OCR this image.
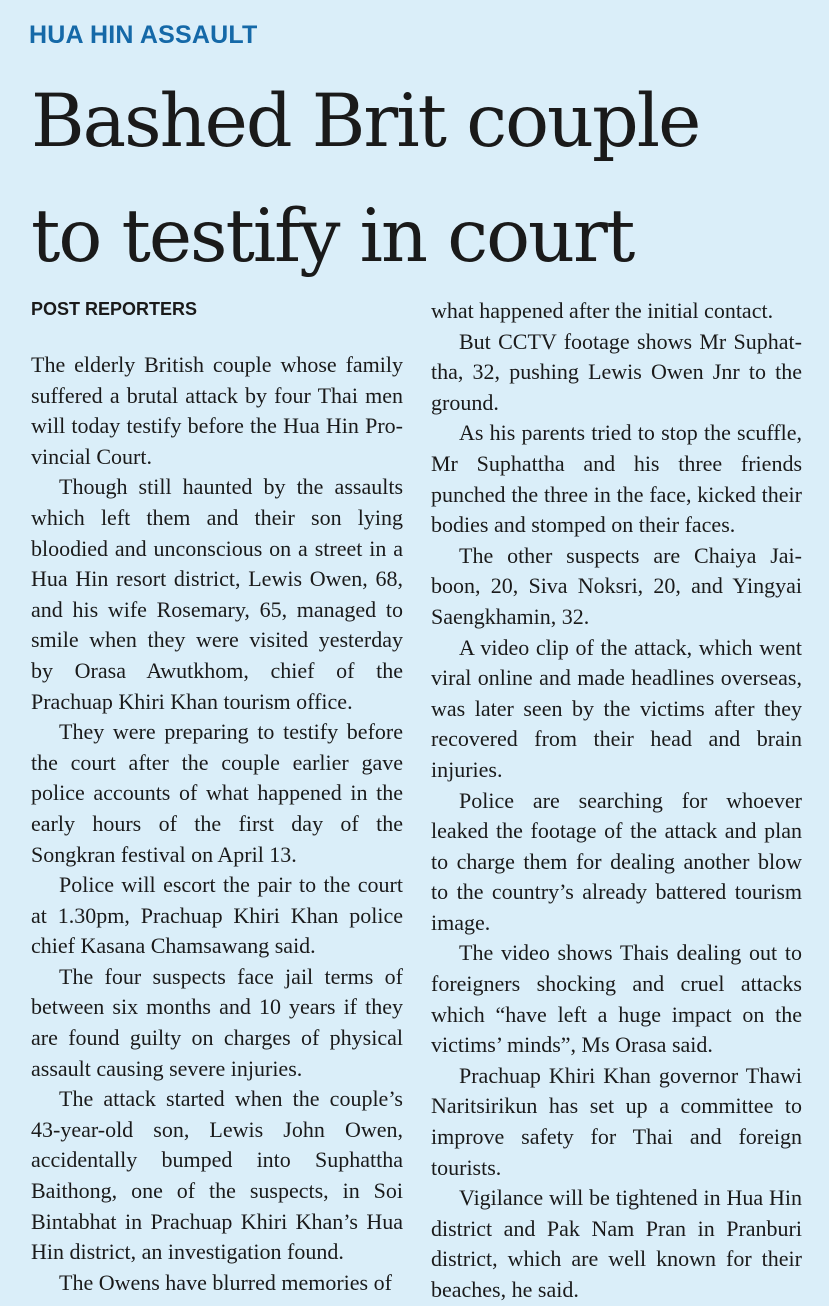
HUA HIN ASSAULT
Bashed Brit couple
to testify in court
POST REPORTERS

The elderly British couple whose family suffered a brutal attack by four Thai men will today testify before the Hua Hin Provincial Court.

Though still haunted by the assaults which left them and their son lying bloodied and unconscious on a street in a Hua Hin resort district, Lewis Owen, 68, and his wife Rosemary, 65, managed to smile when they were visited yesterday by Orasa Awutkhom, chief of the Prachuap Khiri Khan tourism office.

They were preparing to testify before the court after the couple earlier gave police accounts of what happened in the early hours of the first day of the Songkran festival on April 13.

Police will escort the pair to the court at 1.30pm, Prachuap Khiri Khan police chief Kasana Chamsawang said.

The four suspects face jail terms of between six months and 10 years if they are found guilty on charges of physical assault causing severe injuries.

The attack started when the couple’s 43-year-old son, Lewis John Owen, accidentally bumped into Suphattha Baithong, one of the suspects, in Soi Bintabhat in Prachuap Khiri Khan’s Hua Hin district, an investigation found.

The Owens have blurred memories of

what happened after the initial contact.

But CCTV footage shows Mr Suphattha, 32, pushing Lewis Owen Jnr to the ground.

As his parents tried to stop the scuffle, Mr Suphattha and his three friends punched the three in the face, kicked their bodies and stomped on their faces.

The other suspects are Chaiya Jaiboon, 20, Siva Noksri, 20, and Yingyai Saengkhamin, 32.

A video clip of the attack, which went viral online and made headlines overseas, was later seen by the victims after they recovered from their head and brain injuries.

Police are searching for whoever leaked the footage of the attack and plan to charge them for dealing another blow to the country’s already battered tourism image.

The video shows Thais dealing out to foreigners shocking and cruel attacks which “have left a huge impact on the victims’ minds”, Ms Orasa said.

Prachuap Khiri Khan governor Thawi Naritsirikun has set up a committee to improve safety for Thai and foreign tourists.

Vigilance will be tightened in Hua Hin district and Pak Nam Pran in Pranburi district, which are well known for their beaches, he said.
